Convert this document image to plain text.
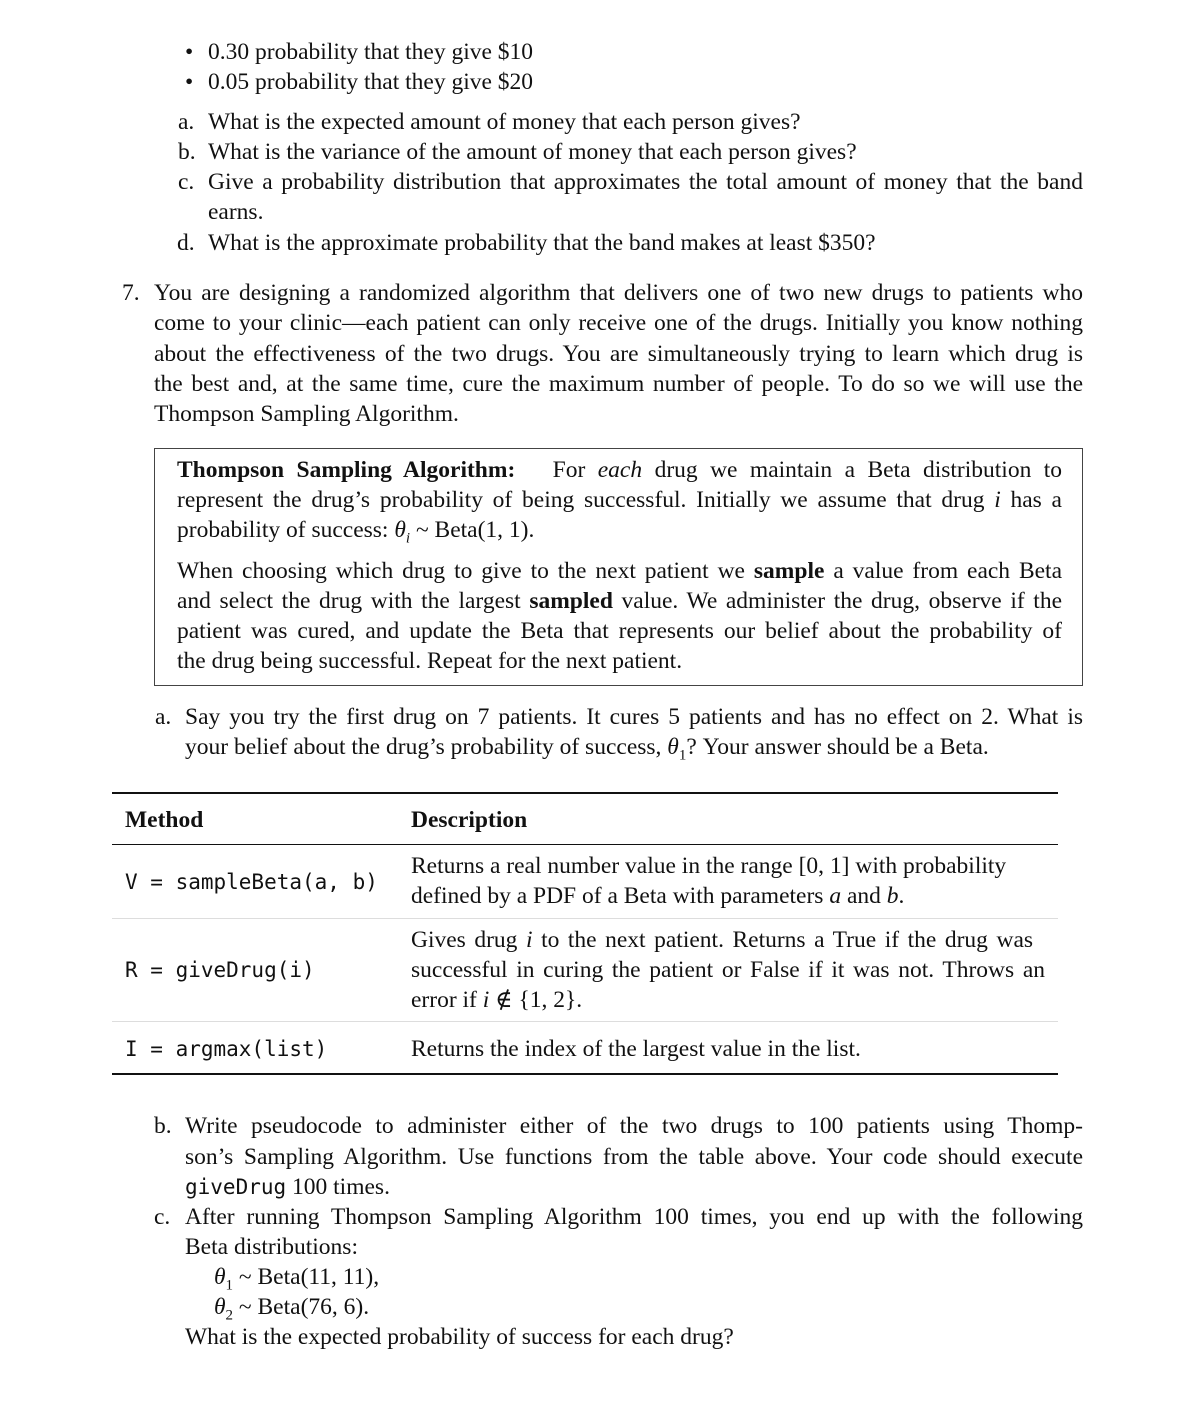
• 0.30 probability that they give $10
• 0.05 probability that they give $20
a. What is the expected amount of money that each person gives?
b. What is the variance of the amount of money that each person gives?
c. Give a probability distribution that approximates the total amount of money that the band
earns.
d. What is the approximate probability that the band makes at least $350?
7. You are designing a randomized algorithm that delivers one of two new drugs to patients who
come to your clinic—each patient can only receive one of the drugs. Initially you know nothing
about the effectiveness of the two drugs. You are simultaneously trying to learn which drug is
the best and, at the same time, cure the maximum number of people. To do so we will use the
Thompson Sampling Algorithm.
Thompson Sampling Algorithm: For each drug we maintain a Beta distribution to
represent the drug’s probability of being successful. Initially we assume that drug i has a
probability of success: $\theta_i$ ~ Beta(1, 1).
When choosing which drug to give to the next patient we sample a value from each Beta
and select the drug with the largest sampled value. We administer the drug, observe if the
patient was cured, and update the Beta that represents our belief about the probability of
the drug being successful. Repeat for the next patient.
a. Say you try the first drug on 7 patients. It cures 5 patients and has no effect on 2. What is
your belief about the drug’s probability of success, $\theta_1$? Your answer should be a Beta.
Method	Description
V = sampleBeta(a, b)
Returns a real number value in the range [0, 1] with probability
defined by a PDF of a Beta with parameters a and b.
R = giveDrug(i)
Gives drug i to the next patient. Returns a True if the drug was
successful in curing the patient or False if it was not. Throws an
error if i ∉ {1, 2}.
I = argmax(list)	Returns the index of the largest value in the list.
b. Write pseudocode to administer either of the two drugs to 100 patients using Thomp-
son’s Sampling Algorithm. Use functions from the table above. Your code should execute
giveDrug 100 times.
c. After running Thompson Sampling Algorithm 100 times, you end up with the following
Beta distributions:
$\theta_1$ ~ Beta(11, 11),
$\theta_2$ ~ Beta(76, 6).
What is the expected probability of success for each drug?
